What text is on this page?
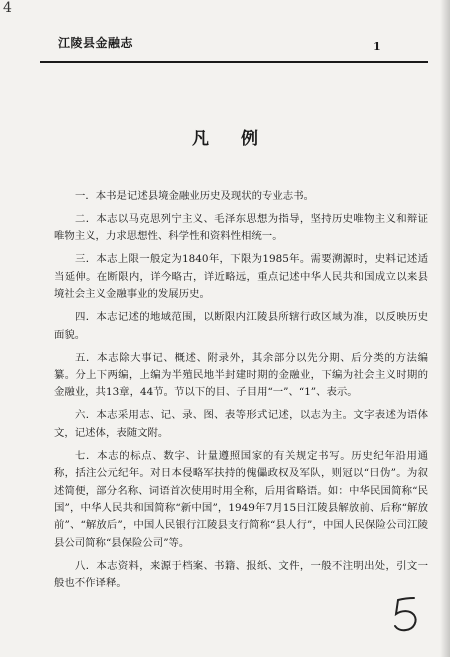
4
江陵县金融志	1
凡例

一．本书是记述县境金融业历史及现状的专业志书。

二．本志以马克思列宁主义、毛泽东思想为指导，坚持历史唯物主义和辩证唯物主义，力求思想性、科学性和资料性相统一。

三．本志上限一般定为1840年，下限为1985年。需要溯源时，史料记述适当延伸。在断限内，详今略古，详近略远，重点记述中华人民共和国成立以来县境社会主义金融事业的发展历史。

四．本志记述的地域范围，以断限内江陵县所辖行政区域为准，以反映历史面貌。

五．本志除大事记、概述、附录外，其余部分以先分期、后分类的方法编纂。分上下两编，上编为半殖民地半封建时期的金融业，下编为社会主义时期的金融业，共13章，44节。节以下的目、子目用“一”、“1”、表示。

六．本志采用志、记、录、图、表等形式记述，以志为主。文字表述为语体文，记述体，表随文附。

七．本志的标点、数字、计量遵照国家的有关规定书写。历史纪年沿用通称，括注公元纪年。对日本侵略军扶持的傀儡政权及军队，则冠以“日伪”。为叙述简便，部分名称、词语首次使用时用全称，后用省略语。如：中华民国简称“民国”，中华人民共和国简称“新中国”，1949年7月15日江陵县解放前、后称“解放前”、“解放后”，中国人民银行江陵县支行简称“县人行”，中国人民保险公司江陵县公司简称“县保险公司”等。

八．本志资料，来源于档案、书籍、报纸、文件，一般不注明出处，引文一般也不作译释。
